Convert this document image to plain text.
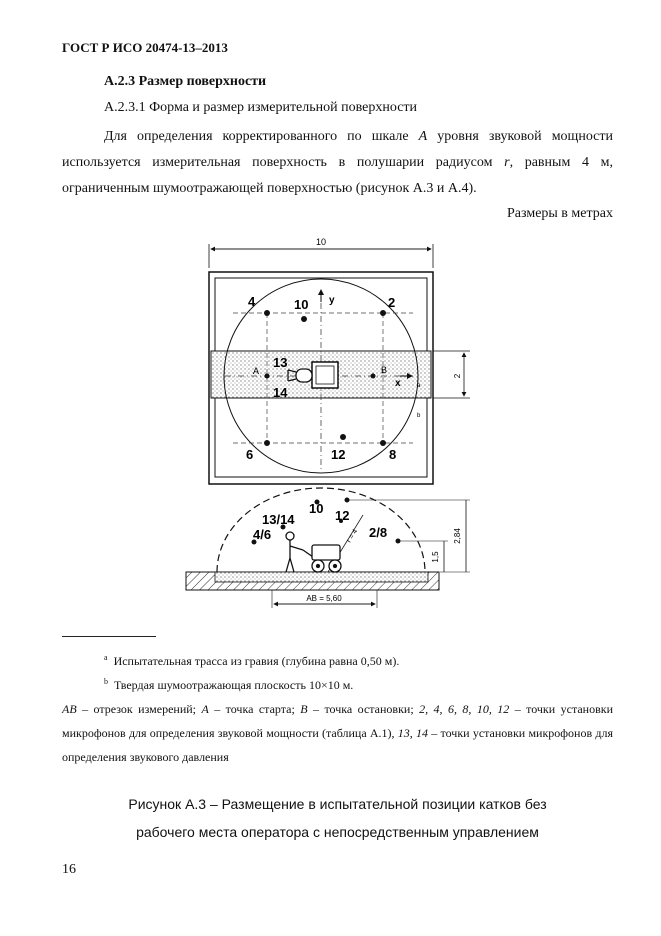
ГОСТ Р ИСО 20474-13–2013
А.2.3 Размер поверхности
А.2.3.1 Форма и размер измерительной поверхности
Для определения корректированного по шкале A уровня звуковой мощности используется измерительная поверхность в полушарии радиусом r, равным 4 м, ограниченным шумоотражающей поверхностью (рисунок А.3 и А.4).
Размеры в метрах
10
y
x
4	10	2
13
14
6	12	8
A	B
a
b
2
10 12
13/14
4/6	2/8
r = 4	2,84
1,5
AB = 5,60
$^a$ Испытательная трасса из гравия (глубина равна 0,50 м).
$^b$ Твердая шумоотражающая плоскость 10×10 м.
AB – отрезок измерений; A – точка старта; B – точка остановки; 2, 4, 6, 8, 10, 12 – точки установки микрофонов для определения звуковой мощности (таблица А.1), 13, 14 – точки установки микрофонов для определения звукового давления
Рисунок А.3 – Размещение в испытательной позиции катков без
рабочего места оператора с непосредственным управлением
16
